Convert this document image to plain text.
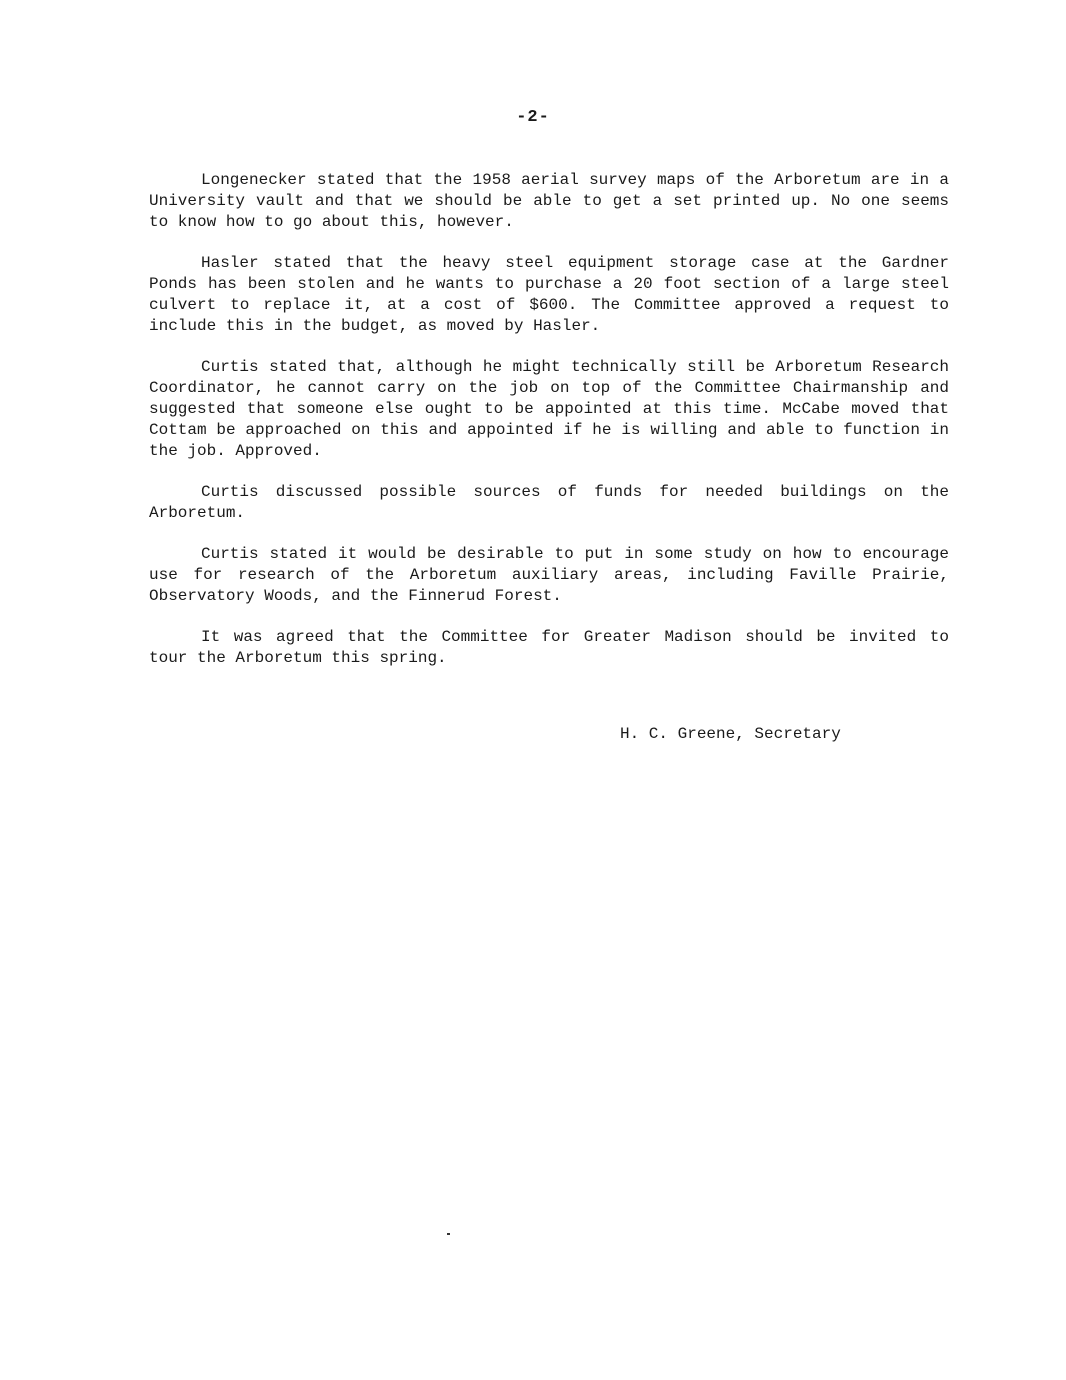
-2-

Longenecker stated that the 1958 aerial survey maps of the Arboretum are in a University vault and that we should be able to get a set printed up. No one seems to know how to go about this, however.

Hasler stated that the heavy steel equipment storage case at the Gardner Ponds has been stolen and he wants to purchase a 20 foot section of a large steel culvert to replace it, at a cost of $600. The Committee approved a request to include this in the budget, as moved by Hasler.

Curtis stated that, although he might technically still be Arboretum Research Coordinator, he cannot carry on the job on top of the Committee Chairmanship and suggested that someone else ought to be appointed at this time. McCabe moved that Cottam be approached on this and appointed if he is willing and able to function in the job. Approved.

Curtis discussed possible sources of funds for needed buildings on the Arboretum.

Curtis stated it would be desirable to put in some study on how to encourage use for research of the Arboretum auxiliary areas, including Faville Prairie, Observatory Woods, and the Finnerud Forest.

It was agreed that the Committee for Greater Madison should be invited to tour the Arboretum this spring.

H. C. Greene, Secretary
